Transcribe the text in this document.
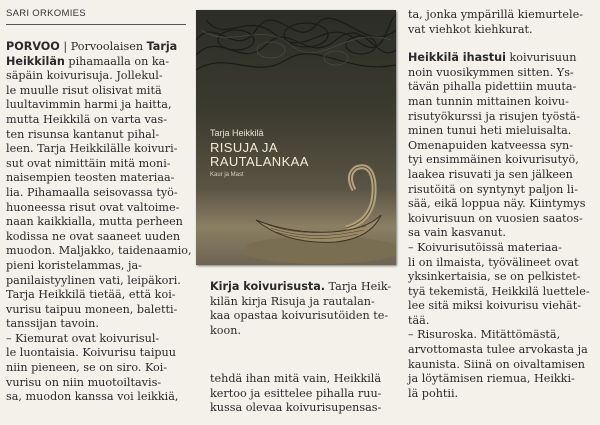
SARI ORKOMIES
PORVOO | Porvoolaisen Tarja
Heikkilän pihamaalla on ka-
säpäin koivurisuja. Jollekul-
le muulle risut olisivat mitä
luultavimmin harmi ja haitta,
mutta Heikkilä on varta vas-
ten risunsa kantanut pihal-
leen. Tarja Heikkilälle koivuri-
sut ovat nimittäin mitä moni-
naisempien teosten materiaa-
lia. Pihamaalla seisovassa työ-
huoneessa risut ovat valtoime-
naan kaikkialla, mutta perheen
kodissa ne ovat saaneet uuden
muodon. Maljakko, taidenaamio,
pieni koristelammas, ja-
panilaistyylinen vati, leipäkori.
Tarja Heikkilä tietää, että koi-
vurisu taipuu moneen, baletti-
tanssijan tavoin.
– Kiemurat ovat koivurisul-
le luontaisia. Koivurisu taipuu
niin pieneen, se on siro. Koi-
vurisu on niin muotoiltavis-
sa, muodon kanssa voi leikkiä,
Tarja Heikkilä
RISUJA JA
RAUTALANKAA
Kaur ja Mast
Kirja koivurisusta. Tarja Heik-
kilän kirja Risuja ja rautalan-
kaa opastaa koivurisutöiden te-
koon.
tehdä ihan mitä vain, Heikkilä
kertoo ja esittelee pihalla ruu-
kussa olevaa koivurisupensas-
ta, jonka ympärillä kiemurtele-
vat viehkot kiehkurat.
Heikkilä ihastui koivurisuun
noin vuosikymmen sitten. Ys-
tävän pihalla pidettiin muuta-
man tunnin mittainen koivu-
risutyökurssi ja risujen työstä-
minen tunui heti mieluisalta.
Omenapuiden katveessa syn-
tyi ensimmäinen koivurisutyö,
laakea risuvati ja sen jälkeen
risutöitä on syntynyt paljon li-
sää, eikä loppua näy. Kiintymys
koivurisuun on vuosien saatos-
sa vain kasvanut.
– Koivurisutöissä materiaa-
li on ilmaista, työvälineet ovat
yksinkertaisia, se on pelkistet-
tyä tekemistä, Heikkilä luettele-
lee sitä miksi koivurisu viehät-
tää.
– Risuroska. Mitättömästä,
arvottomasta tulee arvokasta ja
kaunista. Siinä on oivaltamisen
ja löytämisen riemua, Heikki-
lä pohtii.
